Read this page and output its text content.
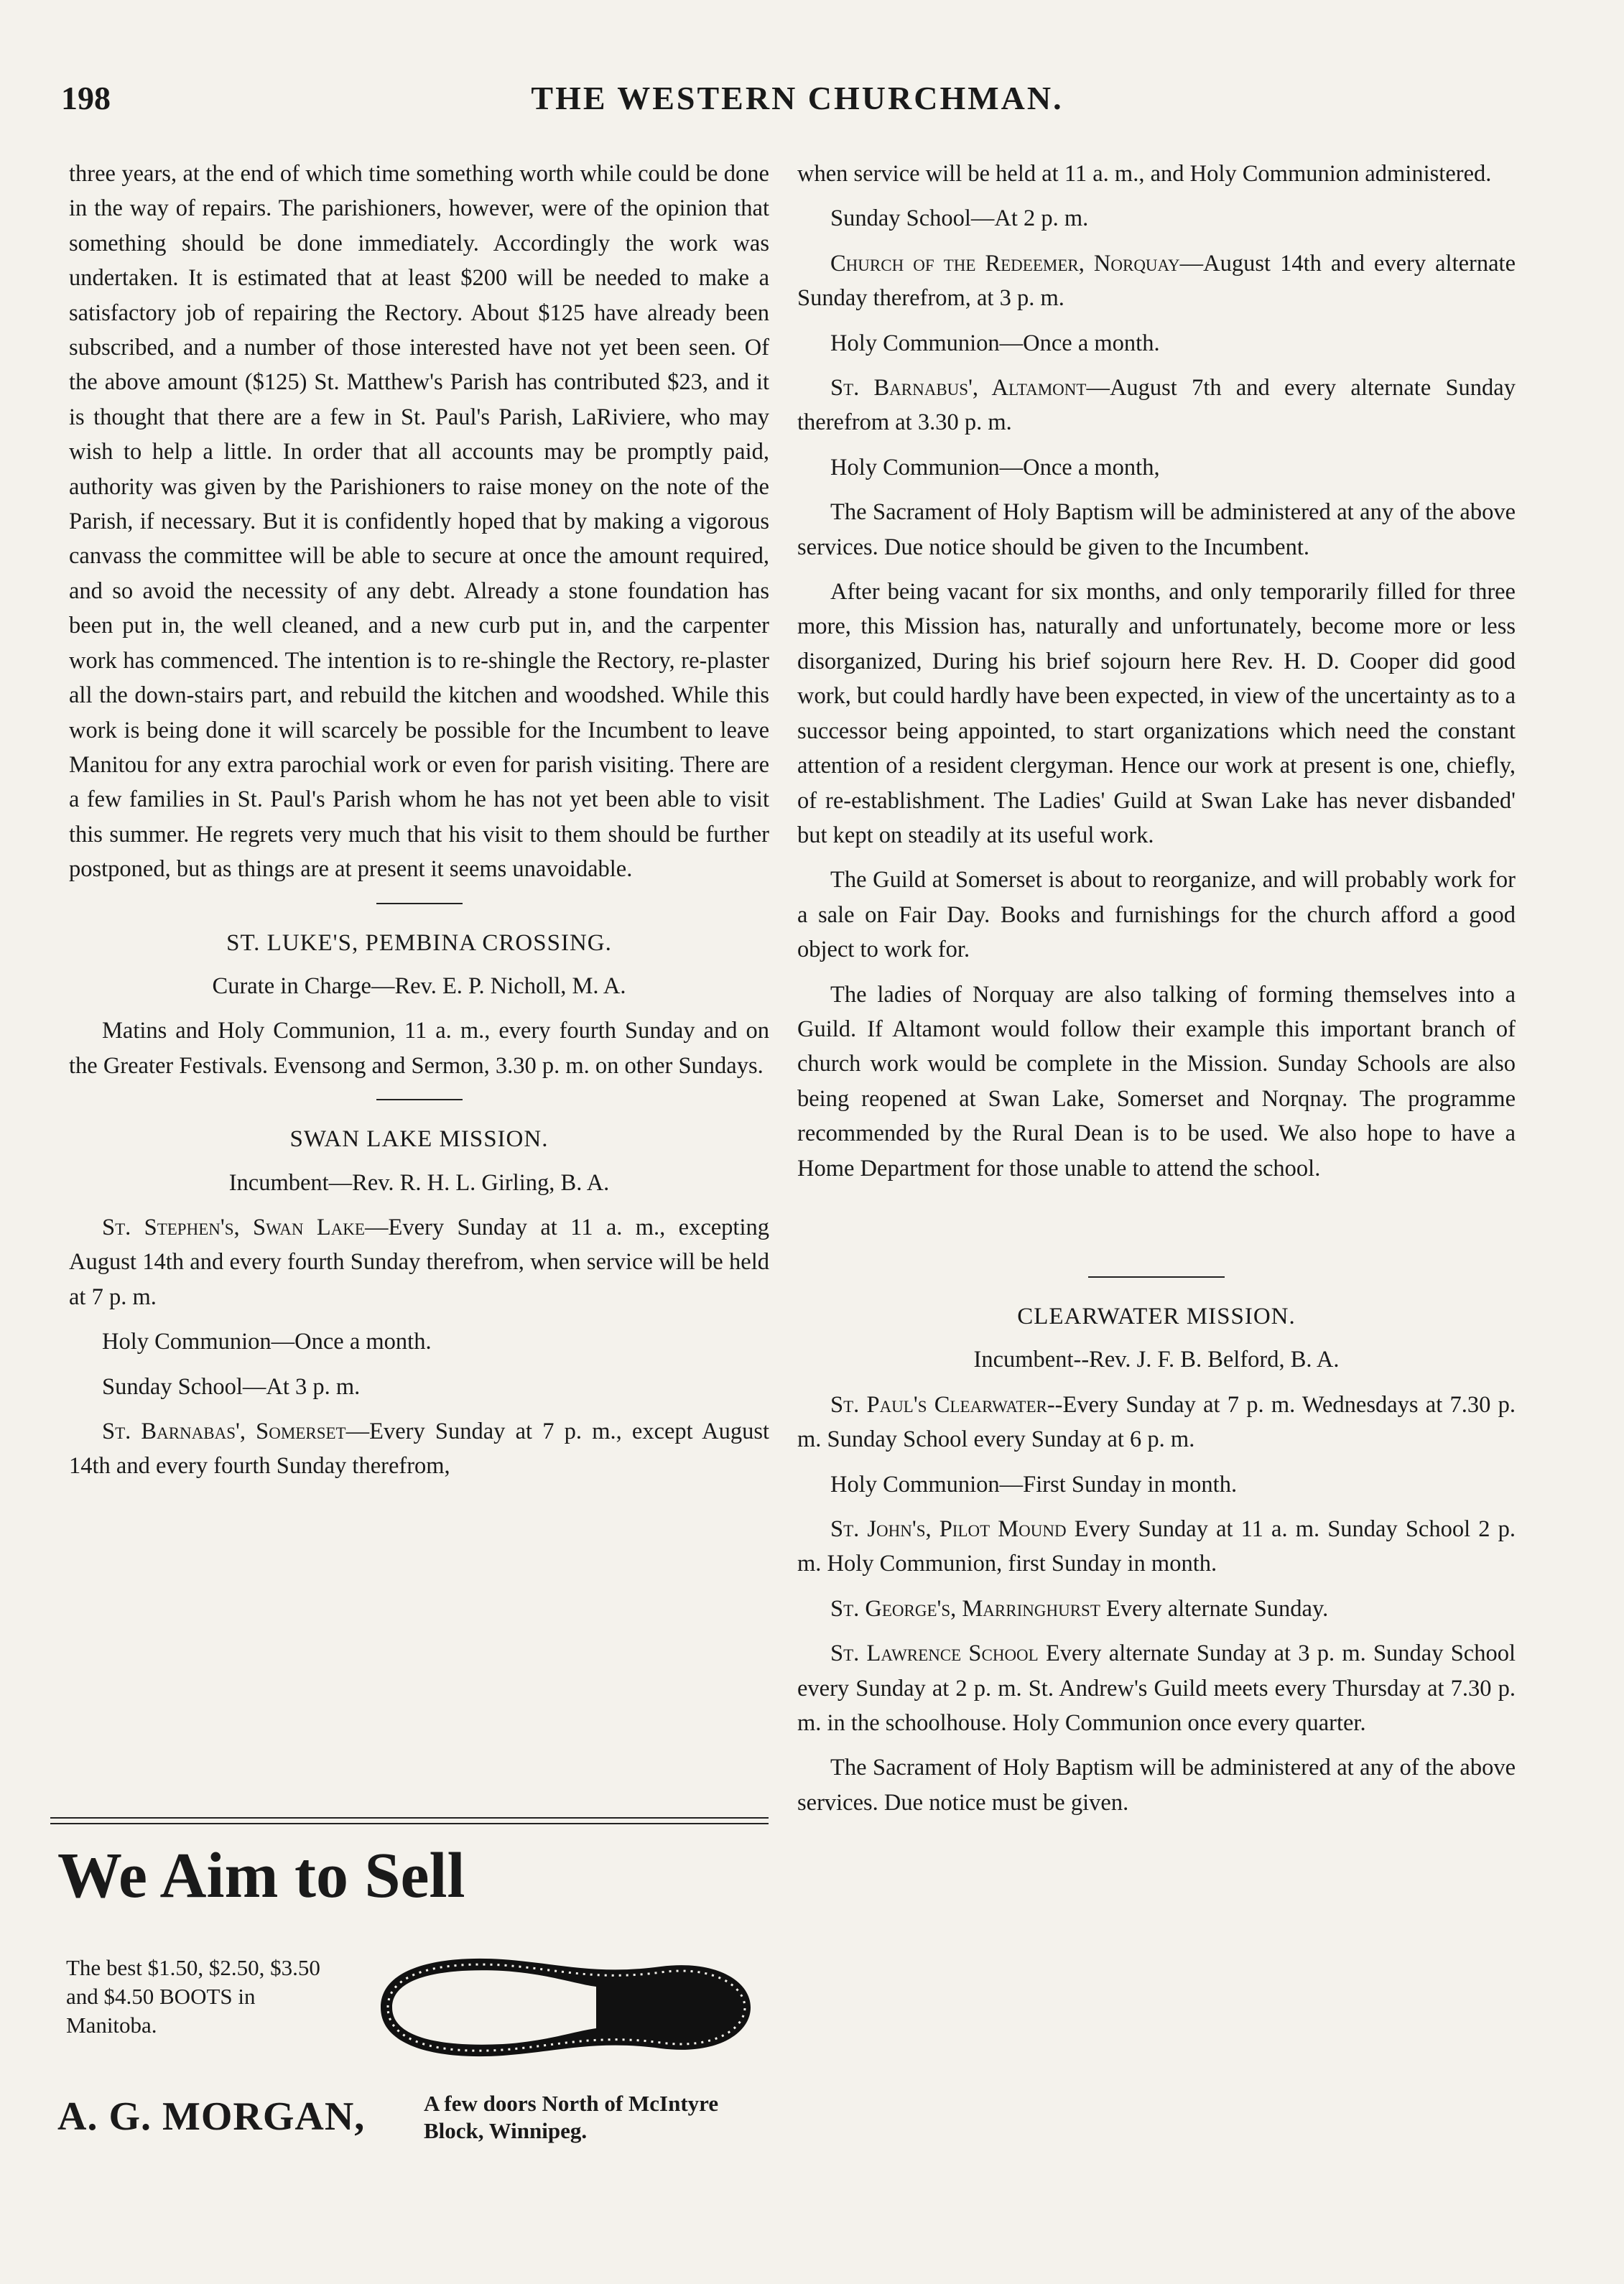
198	THE WESTERN CHURCHMAN.

three years, at the end of which time something worth while could be done in the way of repairs. The parishioners, however, were of the opinion that something should be done immediately. Accordingly the work was undertaken. It is estimated that at least $200 will be needed to make a satisfactory job of repairing the Rectory. About $125 have already been subscribed, and a number of those interested have not yet been seen. Of the above amount ($125) St. Matthew's Parish has contributed $23, and it is thought that there are a few in St. Paul's Parish, LaRiviere, who may wish to help a little. In order that all accounts may be promptly paid, authority was given by the Parishioners to raise money on the note of the Parish, if necessary. But it is confidently hoped that by making a vigorous canvass the committee will be able to secure at once the amount required, and so avoid the necessity of any debt. Already a stone foundation has been put in, the well cleaned, and a new curb put in, and the carpenter work has commenced. The intention is to re-shingle the Rectory, re-plaster all the down-stairs part, and rebuild the kitchen and woodshed. While this work is being done it will scarcely be possible for the Incumbent to leave Manitou for any extra parochial work or even for parish visiting. There are a few families in St. Paul's Parish whom he has not yet been able to visit this summer. He regrets very much that his visit to them should be further postponed, but as things are at present it seems unavoidable.

ST. LUKE'S, PEMBINA CROSSING.

Curate in Charge—Rev. E. P. Nicholl, M. A.

Matins and Holy Communion, 11 a. m., every fourth Sunday and on the Greater Festivals. Evensong and Sermon, 3.30 p. m. on other Sundays.

SWAN LAKE MISSION.

Incumbent—Rev. R. H. L. Girling, B. A.

St. Stephen's, Swan Lake—Every Sunday at 11 a. m., excepting August 14th and every fourth Sunday therefrom, when service will be held at 7 p. m.

Holy Communion—Once a month.

Sunday School—At 3 p. m.

St. Barnabas', Somerset—Every Sunday at 7 p. m., except August 14th and every fourth Sunday therefrom,

when service will be held at 11 a. m., and Holy Communion administered.

Sunday School—At 2 p. m.

Church of the Redeemer, Norquay—August 14th and every alternate Sunday therefrom, at 3 p. m.

Holy Communion—Once a month.

St. Barnabus', Altamont—August 7th and every alternate Sunday therefrom at 3.30 p. m.

Holy Communion—Once a month,

The Sacrament of Holy Baptism will be administered at any of the above services. Due notice should be given to the Incumbent.

After being vacant for six months, and only temporarily filled for three more, this Mission has, naturally and unfortunately, become more or less disorganized, During his brief sojourn here Rev. H. D. Cooper did good work, but could hardly have been expected, in view of the uncertainty as to a successor being appointed, to start organizations which need the constant attention of a resident clergyman. Hence our work at present is one, chiefly, of re-establishment. The Ladies' Guild at Swan Lake has never disbanded' but kept on steadily at its useful work.

The Guild at Somerset is about to reorganize, and will probably work for a sale on Fair Day. Books and furnishings for the church afford a good object to work for.

The ladies of Norquay are also talking of forming themselves into a Guild. If Altamont would follow their example this important branch of church work would be complete in the Mission. Sunday Schools are also being reopened at Swan Lake, Somerset and Norqnay. The programme recommended by the Rural Dean is to be used. We also hope to have a Home Department for those unable to attend the school.

CLEARWATER MISSION.

Incumbent--Rev. J. F. B. Belford, B. A.

St. Paul's Clearwater--Every Sunday at 7 p. m. Wednesdays at 7.30 p. m. Sunday School every Sunday at 6 p. m.

Holy Communion—First Sunday in month.

St. John's, Pilot Mound Every Sunday at 11 a. m. Sunday School 2 p. m. Holy Communion, first Sunday in month.

St. George's, Marringhurst Every alternate Sunday.

St. Lawrence School Every alternate Sunday at 3 p. m. Sunday School every Sunday at 2 p. m. St. Andrew's Guild meets every Thursday at 7.30 p. m. in the schoolhouse. Holy Communion once every quarter.

The Sacrament of Holy Baptism will be administered at any of the above services. Due notice must be given.

We Aim to Sell
The best $1.50, $2.50, $3.50 and $4.50 BOOTS in Manitoba.
A. G. MORGAN,	A few doors North of McIntyre Block, Winnipeg.
